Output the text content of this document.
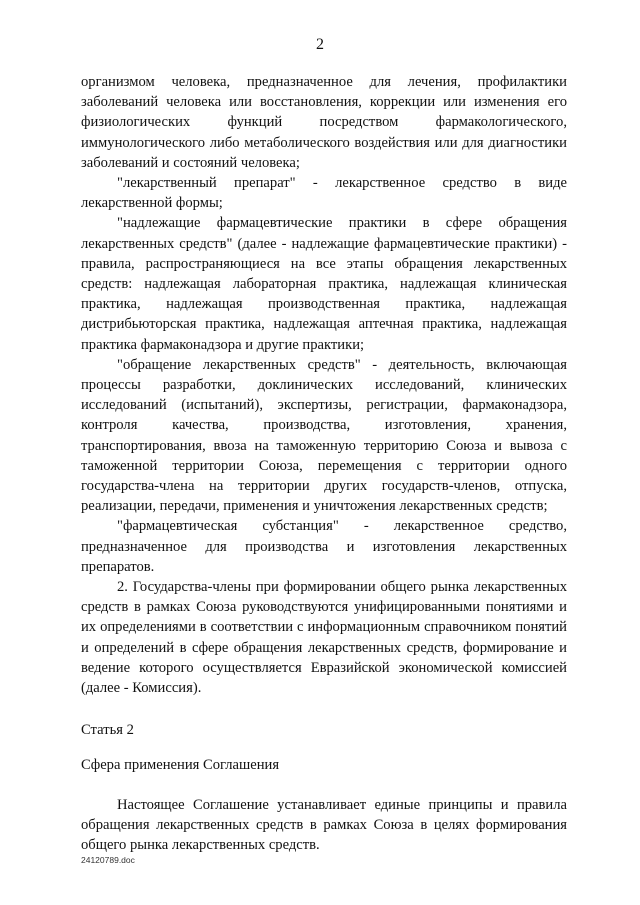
2

организмом человека, предназначенное для лечения, профилактики заболеваний человека или восстановления, коррекции или изменения его физиологических функций посредством фармакологического, иммунологического либо метаболического воздействия или для диагностики заболеваний и состояний человека;

"лекарственный препарат" - лекарственное средство в виде лекарственной формы;

"надлежащие фармацевтические практики в сфере обращения лекарственных средств" (далее - надлежащие фармацевтические практики) - правила, распространяющиеся на все этапы обращения лекарственных средств: надлежащая лабораторная практика, надлежащая клиническая практика, надлежащая производственная практика, надлежащая дистрибьюторская практика, надлежащая аптечная практика, надлежащая практика фармаконадзора и другие практики;

"обращение лекарственных средств" - деятельность, включающая процессы разработки, доклинических исследований, клинических исследований (испытаний), экспертизы, регистрации, фармаконадзора, контроля качества, производства, изготовления, хранения, транспортирования, ввоза на таможенную территорию Союза и вывоза с таможенной территории Союза, перемещения с территории одного государства-члена на территории других государств-членов, отпуска, реализации, передачи, применения и уничтожения лекарственных средств;

"фармацевтическая субстанция" - лекарственное средство, предназначенное для производства и изготовления лекарственных препаратов.

2. Государства-члены при формировании общего рынка лекарственных средств в рамках Союза руководствуются унифицированными понятиями и их определениями в соответствии с информационным справочником понятий и определений в сфере обращения лекарственных средств, формирование и ведение которого осуществляется Евразийской экономической комиссией (далее - Комиссия).

Статья 2

Сфера применения Соглашения

Настоящее Соглашение устанавливает единые принципы и правила обращения лекарственных средств в рамках Союза в целях формирования общего рынка лекарственных средств.

24120789.doc
